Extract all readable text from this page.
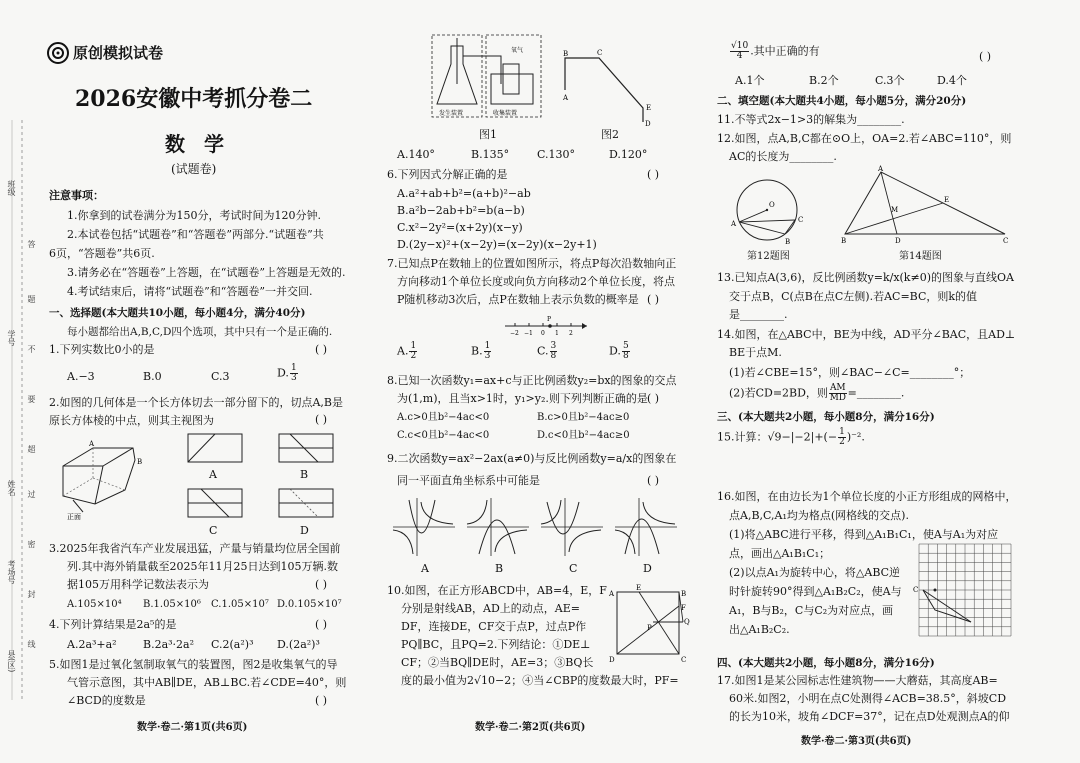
班级
学号
姓名
考场号
县(区)
答
题
不
要
超
过
密
封
线
原创模拟试卷
2026安徽中考抓分卷二
数 学
(试题卷)
注意事项：
1.你拿到的试卷满分为150分，考试时间为120分钟.
2.本试卷包括“试题卷”和“答题卷”两部分.“试题卷”共
6页，“答题卷”共6页.
3.请务必在“答题卷”上答题，在“试题卷”上答题是无效的.
4.考试结束后，请将“试题卷”和“答题卷”一并交回.
一、选择题(本大题共10小题，每小题4分，满分40分)
每小题都给出A,B,C,D四个选项，其中只有一个是正确的.
1.下列实数比0小的是	( )
A.−3	B.0	C.3	D. $\frac{1}{3}$
2.如图的几何体是一个长方体切去一部分留下的，切点A,B是
( )
原长方体棱的中点，则其主视图为
A
B
正面
A	B
C	D
3.2025年我省汽车产业发展迅猛，产量与销量均位居全国前
列.其中海外销量截至2025年11月25日达到105万辆.数
据105万用科学记数法表示为	( )
A.105×10⁴ B.1.05×10⁶ C.1.05×10⁷ D.0.105×10⁷
4.下列计算结果是2a⁵的是	( )
A.2a³+a² B.2a³·2a² C.2(a²)³ D.(2a²)³
5.如图1是过氧化氢制取氧气的装置图，图2是收集氧气的导
气管示意图，其中AB∥DE，AB⊥BC.若∠CDE=40°，则
∠BCD的度数是	( )
数学·卷二·第1页(共6页)
氧气
发生装置	收集装置
图1
A
B	C
D
E
图2
A.140°	B.135°	C.130°	D.120°
6.下列因式分解正确的是	( )
A.a²+ab+b²=(a+b)²−ab
B.a²b−2ab+b²=b(a−b)
C.x²−2y²=(x+2y)(x−y)
D.(2y−x)²+(x−2y)=(x−2y)(x−2y+1)
7.已知点P在数轴上的位置如图所示，将点P每次沿数轴向正
方向移动1个单位长度或向负方向移动2个单位长度，将点
P随机移动3次后，点P在数轴上表示负数的概率是 ( )
P
−2 −1 0 1 2
A. $\frac{1}{2}$	B. $\frac{1}{3}$	C. $\frac{3}{8}$	D. $\frac{5}{8}$
8.已知一次函数y₁=ax+c与正比例函数y₂=bx的图象的交点
为(1,m)，且当x>1时，y₁>y₂.则下列判断正确的是 ( )
A.c>0且b²−4ac<0	B.c>0且b²−4ac≥0
C.c<0且b²−4ac<0	D.c<0且b²−4ac≥0
9.二次函数y=ax²−2ax(a≠0)与反比例函数y=a/x的图象在
同一平面直角坐标系中可能是	( )
A	B	C	D
10.如图，在正方形ABCD中，AB=4，E，F
分别是射线AB，AD上的动点，AE=
DF，连接DE，CF交于点P，过点P作
PQ∥BC，且PQ=2.下列结论：①DE⊥
CF；②当BQ∥DE时，AE=3；③BQ长
度的最小值为2√10−2；④当∠CBP的度数最大时，PF=
A	B
C
D
E
F
P
Q
数学·卷二·第2页(共6页)
$\frac{√10}{4}$ .其中正确的有	( )
A.1个	B.2个	C.3个	D.4个
二、填空题(本大题共4小题，每小题5分，满分20分)
11.不等式2x−1>3的解集为________.
12.如图，点A,B,C都在⊙O上，OA=2.若∠ABC=110°，则
AC的长度为________.
O
A
B
C
第12题图
A
B	C
D
E
M
第14题图
13.已知点A(3,6)，反比例函数y=k/x(k≠0)的图象与直线OA
交于点B，C(点B在点C左侧).若AC=BC，则k的值
是________.
14.如图，在△ABC中，BE为中线，AD平分∠BAC，且AD⊥
BE于点M.
(1)若∠CBE=15°，则∠BAC−∠C=________°；
(2)若CD=2BD，则 $\frac{AM}{MD}$ =________.
三、(本大题共2小题，每小题8分，满分16分)
15.计算：$√9-|-2|+(- \frac{1}{2} )^{-2}$.
16.如图，在由边长为1个单位长度的小正方形组成的网格中，
点A,B,C,A₁均为格点(网格线的交点).
(1)将△ABC进行平移，得到△A₁B₁C₁，使A与A₁为对应
点，画出△A₁B₁C₁；
(2)以点A₁为旋转中心，将△ABC逆
时针旋转90°得到△A₁B₂C₂，使A与
A₁，B与B₂，C与C₂为对应点，画
出△A₁B₂C₂.
C
四、(本大题共2小题，每小题8分，满分16分)
17.如图1是某公园标志性建筑物——大蘑菇，其高度AB=
60米.如图2，小明在点C处测得∠ACB=38.5°，斜坡CD
的长为10米，坡角∠DCF=37°，记在点D处观测点A的仰
数学·卷二·第3页(共6页)
